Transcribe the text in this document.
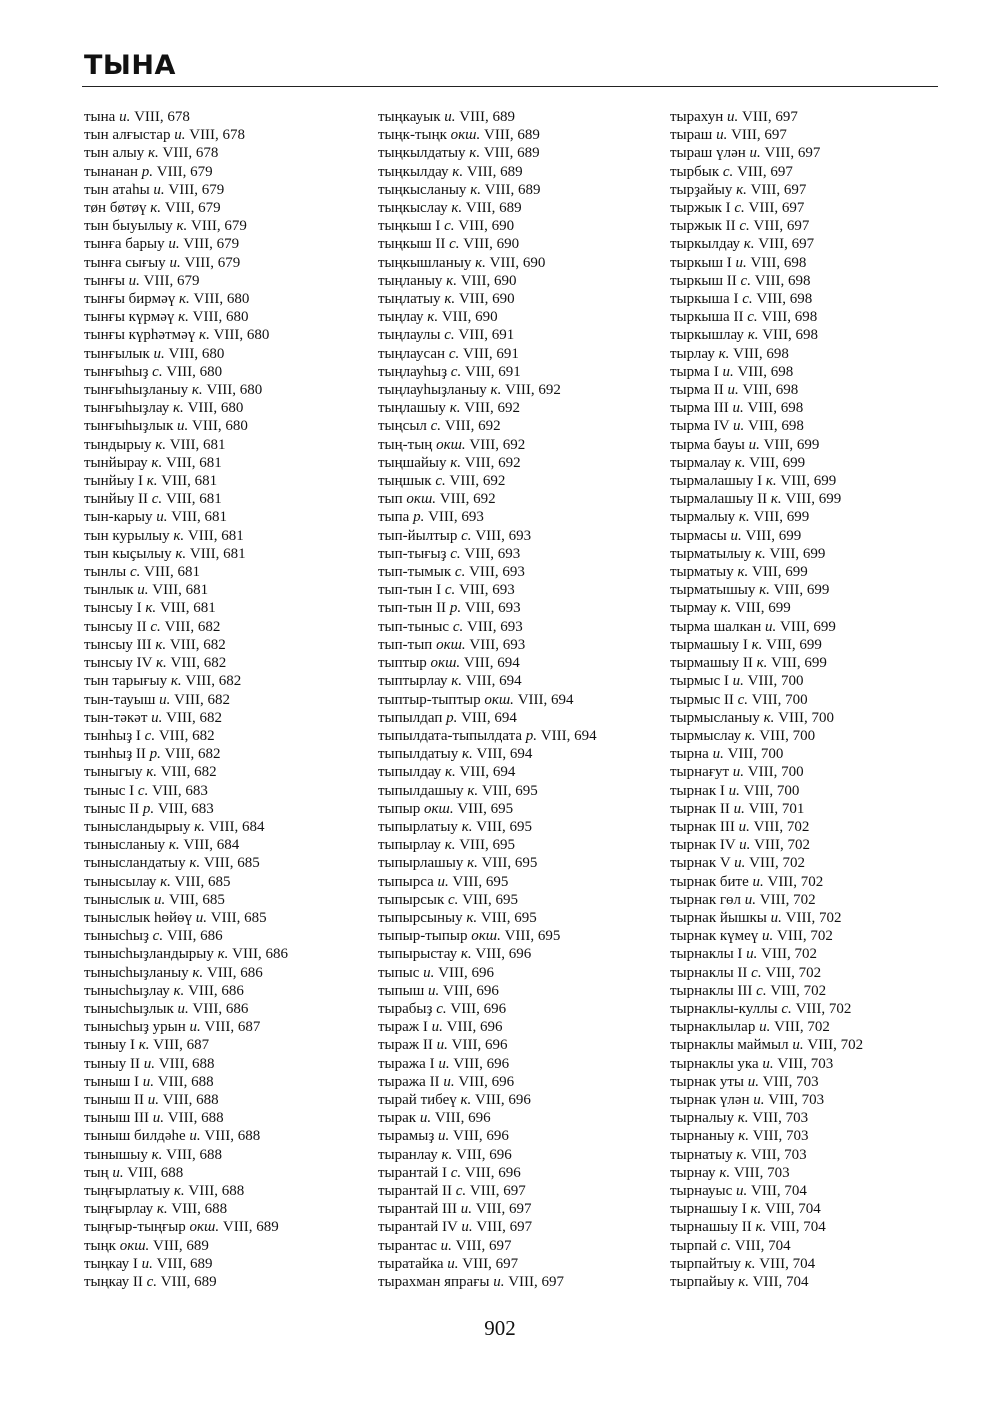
ТЫНА
тына и. VIII, 678
тын алғыстар и. VIII, 678
тын алыу к. VIII, 678
тынанан р. VIII, 679
тын атаһы и. VIII, 679
тøн бøтøү к. VIII, 679
тын быуылыу к. VIII, 679
тынға барыу и. VIII, 679
тынға сығыу и. VIII, 679
тынғы и. VIII, 679
тынғы бирмәү к. VIII, 680
тынғы күрмәү к. VIII, 680
тынғы күрһәтмәү к. VIII, 680
тынғылык и. VIII, 680
тынғыһыҙ с. VIII, 680
тынғыһыҙланыу к. VIII, 680
тынғыһыҙлау к. VIII, 680
тынғыһыҙлык и. VIII, 680
тындырыу к. VIII, 681
тынйырау к. VIII, 681
тынйыу I к. VIII, 681
тынйыу II с. VIII, 681
тын-карыу и. VIII, 681
тын курылыу к. VIII, 681
тын кыҫылыу к. VIII, 681
тынлы с. VIII, 681
тынлык и. VIII, 681
тынсыу I к. VIII, 681
тынсыу II с. VIII, 682
тынсыу III к. VIII, 682
тынсыу IV к. VIII, 682
тын тарығыу к. VIII, 682
тын-тауыш и. VIII, 682
тын-тәкәт и. VIII, 682
тынһыҙ I с. VIII, 682
тынһыҙ II р. VIII, 682
тыныгыу к. VIII, 682
тыныс I с. VIII, 683
тыныс II р. VIII, 683
тынысландырыу к. VIII, 684
тынысланыу к. VIII, 684
тынысландатыу к. VIII, 685
тынысылау к. VIII, 685
тыныслык и. VIII, 685
тыныслык һөйөү и. VIII, 685
тыныcһыҙ с. VIII, 686
тыныcһыҙландырыу к. VIII, 686
тыныcһыҙланыу к. VIII, 686
тыныcһыҙлау к. VIII, 686
тыныcһыҙлык и. VIII, 686
тыныcһыҙ урын и. VIII, 687
тыныу I к. VIII, 687
тыныу II и. VIII, 688
тыныш I и. VIII, 688
тыныш II и. VIII, 688
тыныш III и. VIII, 688
тыныш билдәһе и. VIII, 688
тынышыу к. VIII, 688
тың и. VIII, 688
тыңғырлатыу к. VIII, 688
тыңғырлау к. VIII, 688
тыңғыр-тыңғыр окш. VIII, 689
тыңк окш. VIII, 689
тыңкау I и. VIII, 689
тыңкау II с. VIII, 689
тыңкауык и. VIII, 689
тыңк-тыңк окш. VIII, 689
тыңкылдатыу к. VIII, 689
тыңкылдау к. VIII, 689
тыңкысланыу к. VIII, 689
тыңкыслау к. VIII, 689
тыңкыш I с. VIII, 690
тыңкыш II с. VIII, 690
тыңкышланыу к. VIII, 690
тыңланыу к. VIII, 690
тыңлатыу к. VIII, 690
тыңлау к. VIII, 690
тыңлаулы с. VIII, 691
тыңлаусан с. VIII, 691
тыңлауһыҙ с. VIII, 691
тыңлауһыҙланыу к. VIII, 692
тыңлашыу к. VIII, 692
тыңсыл с. VIII, 692
тың-тың окш. VIII, 692
тыңшайыу к. VIII, 692
тыңшык с. VIII, 692
тып окш. VIII, 692
тыпа р. VIII, 693
тып-йылтыр с. VIII, 693
тып-тығыҙ с. VIII, 693
тып-тымык с. VIII, 693
тып-тын I с. VIII, 693
тып-тын II р. VIII, 693
тып-тыныс с. VIII, 693
тып-тып окш. VIII, 693
тыптыр окш. VIII, 694
тыптырлау к. VIII, 694
тыптыр-тыптыр окш. VIII, 694
тыпылдап р. VIII, 694
тыпылдата-тыпылдата р. VIII, 694
тыпылдатыу к. VIII, 694
тыпылдау к. VIII, 694
тыпылдашыу к. VIII, 695
тыпыр окш. VIII, 695
тыпырлатыу к. VIII, 695
тыпырлау к. VIII, 695
тыпырлашыу к. VIII, 695
тыпырса и. VIII, 695
тыпырсык с. VIII, 695
тыпырсыныу к. VIII, 695
тыпыр-тыпыр окш. VIII, 695
тыпырыстау к. VIII, 696
тыпыс и. VIII, 696
тыпыш и. VIII, 696
тырабыҙ с. VIII, 696
тыраж I и. VIII, 696
тыраж II и. VIII, 696
тыража I и. VIII, 696
тыража II и. VIII, 696
тырай тибеү к. VIII, 696
тырак и. VIII, 696
тырамыҙ и. VIII, 696
тыранлау к. VIII, 696
тырантай I с. VIII, 696
тырантай II с. VIII, 697
тырантай III и. VIII, 697
тырантай IV и. VIII, 697
тырантас и. VIII, 697
тыратайка и. VIII, 697
тырахман япрағы и. VIII, 697
тырахун и. VIII, 697
тыраш и. VIII, 697
тыраш үлән и. VIII, 697
тырбык с. VIII, 697
тырҙайыу к. VIII, 697
тыржык I с. VIII, 697
тыржык II с. VIII, 697
тыркылдау к. VIII, 697
тыркыш I и. VIII, 698
тыркыш II с. VIII, 698
тыркыша I с. VIII, 698
тыркыша II с. VIII, 698
тыркышлау к. VIII, 698
тырлау к. VIII, 698
тырма I и. VIII, 698
тырма II и. VIII, 698
тырма III и. VIII, 698
тырма IV и. VIII, 698
тырма бауы и. VIII, 699
тырмалау к. VIII, 699
тырмалашыу I к. VIII, 699
тырмалашыу II к. VIII, 699
тырмалыу к. VIII, 699
тырмасы и. VIII, 699
тырматылыу к. VIII, 699
тырматыу к. VIII, 699
тырматышыу к. VIII, 699
тырмау к. VIII, 699
тырма шалкан и. VIII, 699
тырмашыу I к. VIII, 699
тырмашыу II к. VIII, 699
тырмыс I и. VIII, 700
тырмыс II с. VIII, 700
тырмысланыу к. VIII, 700
тырмыслау к. VIII, 700
тырна и. VIII, 700
тырнағут и. VIII, 700
тырнак I и. VIII, 700
тырнак II и. VIII, 701
тырнак III и. VIII, 702
тырнак IV и. VIII, 702
тырнак V и. VIII, 702
тырнак бите и. VIII, 702
тырнак гөл и. VIII, 702
тырнак йышкы и. VIII, 702
тырнак күмеү и. VIII, 702
тырнаклы I и. VIII, 702
тырнаклы II с. VIII, 702
тырнаклы III с. VIII, 702
тырнаклы-куллы с. VIII, 702
тырнаклылар и. VIII, 702
тырнаклы маймыл и. VIII, 702
тырнаклы ука и. VIII, 703
тырнак уты и. VIII, 703
тырнак үлән и. VIII, 703
тырналыу к. VIII, 703
тырнаныу к. VIII, 703
тырнатыу к. VIII, 703
тырнау к. VIII, 703
тырнауыс и. VIII, 704
тырнашыу I к. VIII, 704
тырнашыу II к. VIII, 704
тырпай с. VIII, 704
тырпайтыу к. VIII, 704
тырпайыу к. VIII, 704
902
